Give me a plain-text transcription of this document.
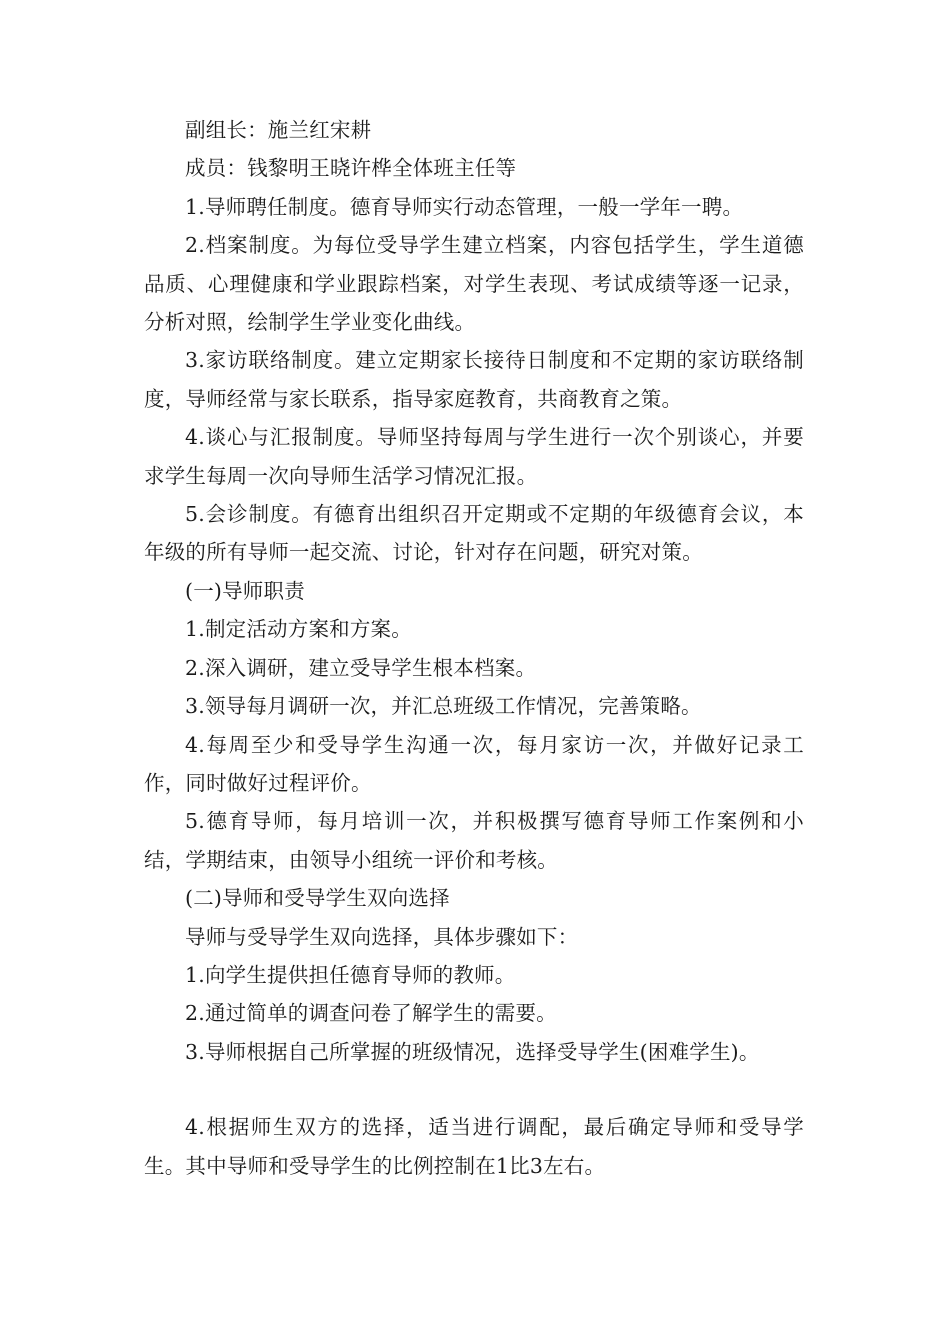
副组长：施兰红宋耕

成员：钱黎明王晓许桦全体班主任等

1.导师聘任制度。德育导师实行动态管理，一般一学年一聘。

2.档案制度。为每位受导学生建立档案，内容包括学生，学生道德品质、心理健康和学业跟踪档案，对学生表现、考试成绩等逐一记录，分析对照，绘制学生学业变化曲线。

3.家访联络制度。建立定期家长接待日制度和不定期的家访联络制度，导师经常与家长联系，指导家庭教育，共商教育之策。

4.谈心与汇报制度。导师坚持每周与学生进行一次个别谈心，并要求学生每周一次向导师生活学习情况汇报。

5.会诊制度。有德育出组织召开定期或不定期的年级德育会议，本年级的所有导师一起交流、讨论，针对存在问题，研究对策。

(一)导师职责

1.制定活动方案和方案。

2.深入调研，建立受导学生根本档案。

3.领导每月调研一次，并汇总班级工作情况，完善策略。

4.每周至少和受导学生沟通一次，每月家访一次，并做好记录工作，同时做好过程评价。

5.德育导师，每月培训一次，并积极撰写德育导师工作案例和小结，学期结束，由领导小组统一评价和考核。

(二)导师和受导学生双向选择

导师与受导学生双向选择，具体步骤如下：

1.向学生提供担任德育导师的教师。

2.通过简单的调查问卷了解学生的需要。

3.导师根据自己所掌握的班级情况，选择受导学生(困难学生)。

4.根据师生双方的选择，适当进行调配，最后确定导师和受导学生。其中导师和受导学生的比例控制在1比3左右。
